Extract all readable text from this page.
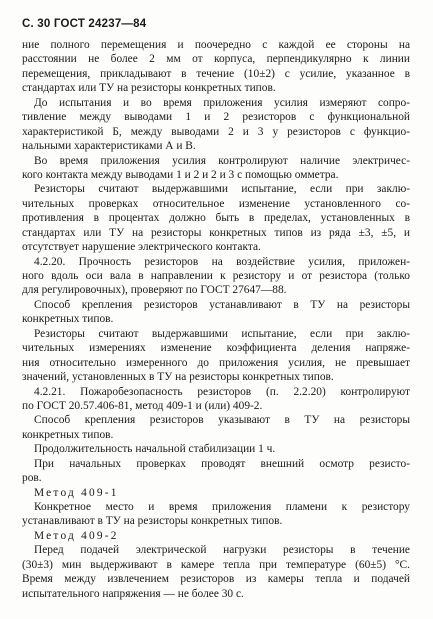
С. 30 ГОСТ 24237—84
ние полного перемещения и поочередно с каждой ее стороны на
расстоянии не более 2 мм от корпуса, перпендикулярно к линии
перемещения, прикладывают в течение (10±2) с усилие, указанное в
стандартах или ТУ на резисторы конкретных типов.
До испытания и во время приложения усилия измеряют сопро-
тивление между выводами 1 и 2 резисторов с функциональной
характеристикой Б, между выводами 2 и 3 у резисторов с функцио-
нальными характеристиками А и В.
Во время приложения усилия контролируют наличие электричес-
кого контакта между выводами 1 и 2 и 2 и 3 с помощью омметра.
Резисторы считают выдержавшими испытание, если при заклю-
чительных проверках относительное изменение установленного со-
противления в процентах должно быть в пределах, установленных в
стандартах или ТУ на резисторы конкретных типов из ряда ±3, ±5, и
отсутствует нарушение электрического контакта.
4.2.20. Прочность резисторов на воздействие усилия, приложен-
ного вдоль оси вала в направлении к резистору и от резистора (только
для регулировочных), проверяют по ГОСТ 27647—88.
Способ крепления резисторов устанавливают в ТУ на резисторы
конкретных типов.
Резисторы считают выдержавшими испытание, если при заклю-
чительных измерениях изменение коэффициента деления напряже-
ния относительно измеренного до приложения усилия, не превышает
значений, установленных в ТУ на резисторы конкретных типов.
4.2.21. Пожаробезопасность резисторов (п. 2.2.20) контролируют
по ГОСТ 20.57.406-81, метод 409-1 и (или) 409-2.
Способ крепления резисторов указывают в ТУ на резисторы
конкретных типов.
Продолжительность начальной стабилизации 1 ч.
При начальных проверках проводят внешний осмотр резисто-
ров.
Метод 409-1
Конкретное место и время приложения пламени к резистору
устанавливают в ТУ на резисторы конкретных типов.
Метод 409-2
Перед подачей электрической нагрузки резисторы в течение
(30±3) мин выдерживают в камере тепла при температуре (60±5) °С.
Время между извлечением резисторов из камеры тепла и подачей
испытательного напряжения — не более 30 с.
